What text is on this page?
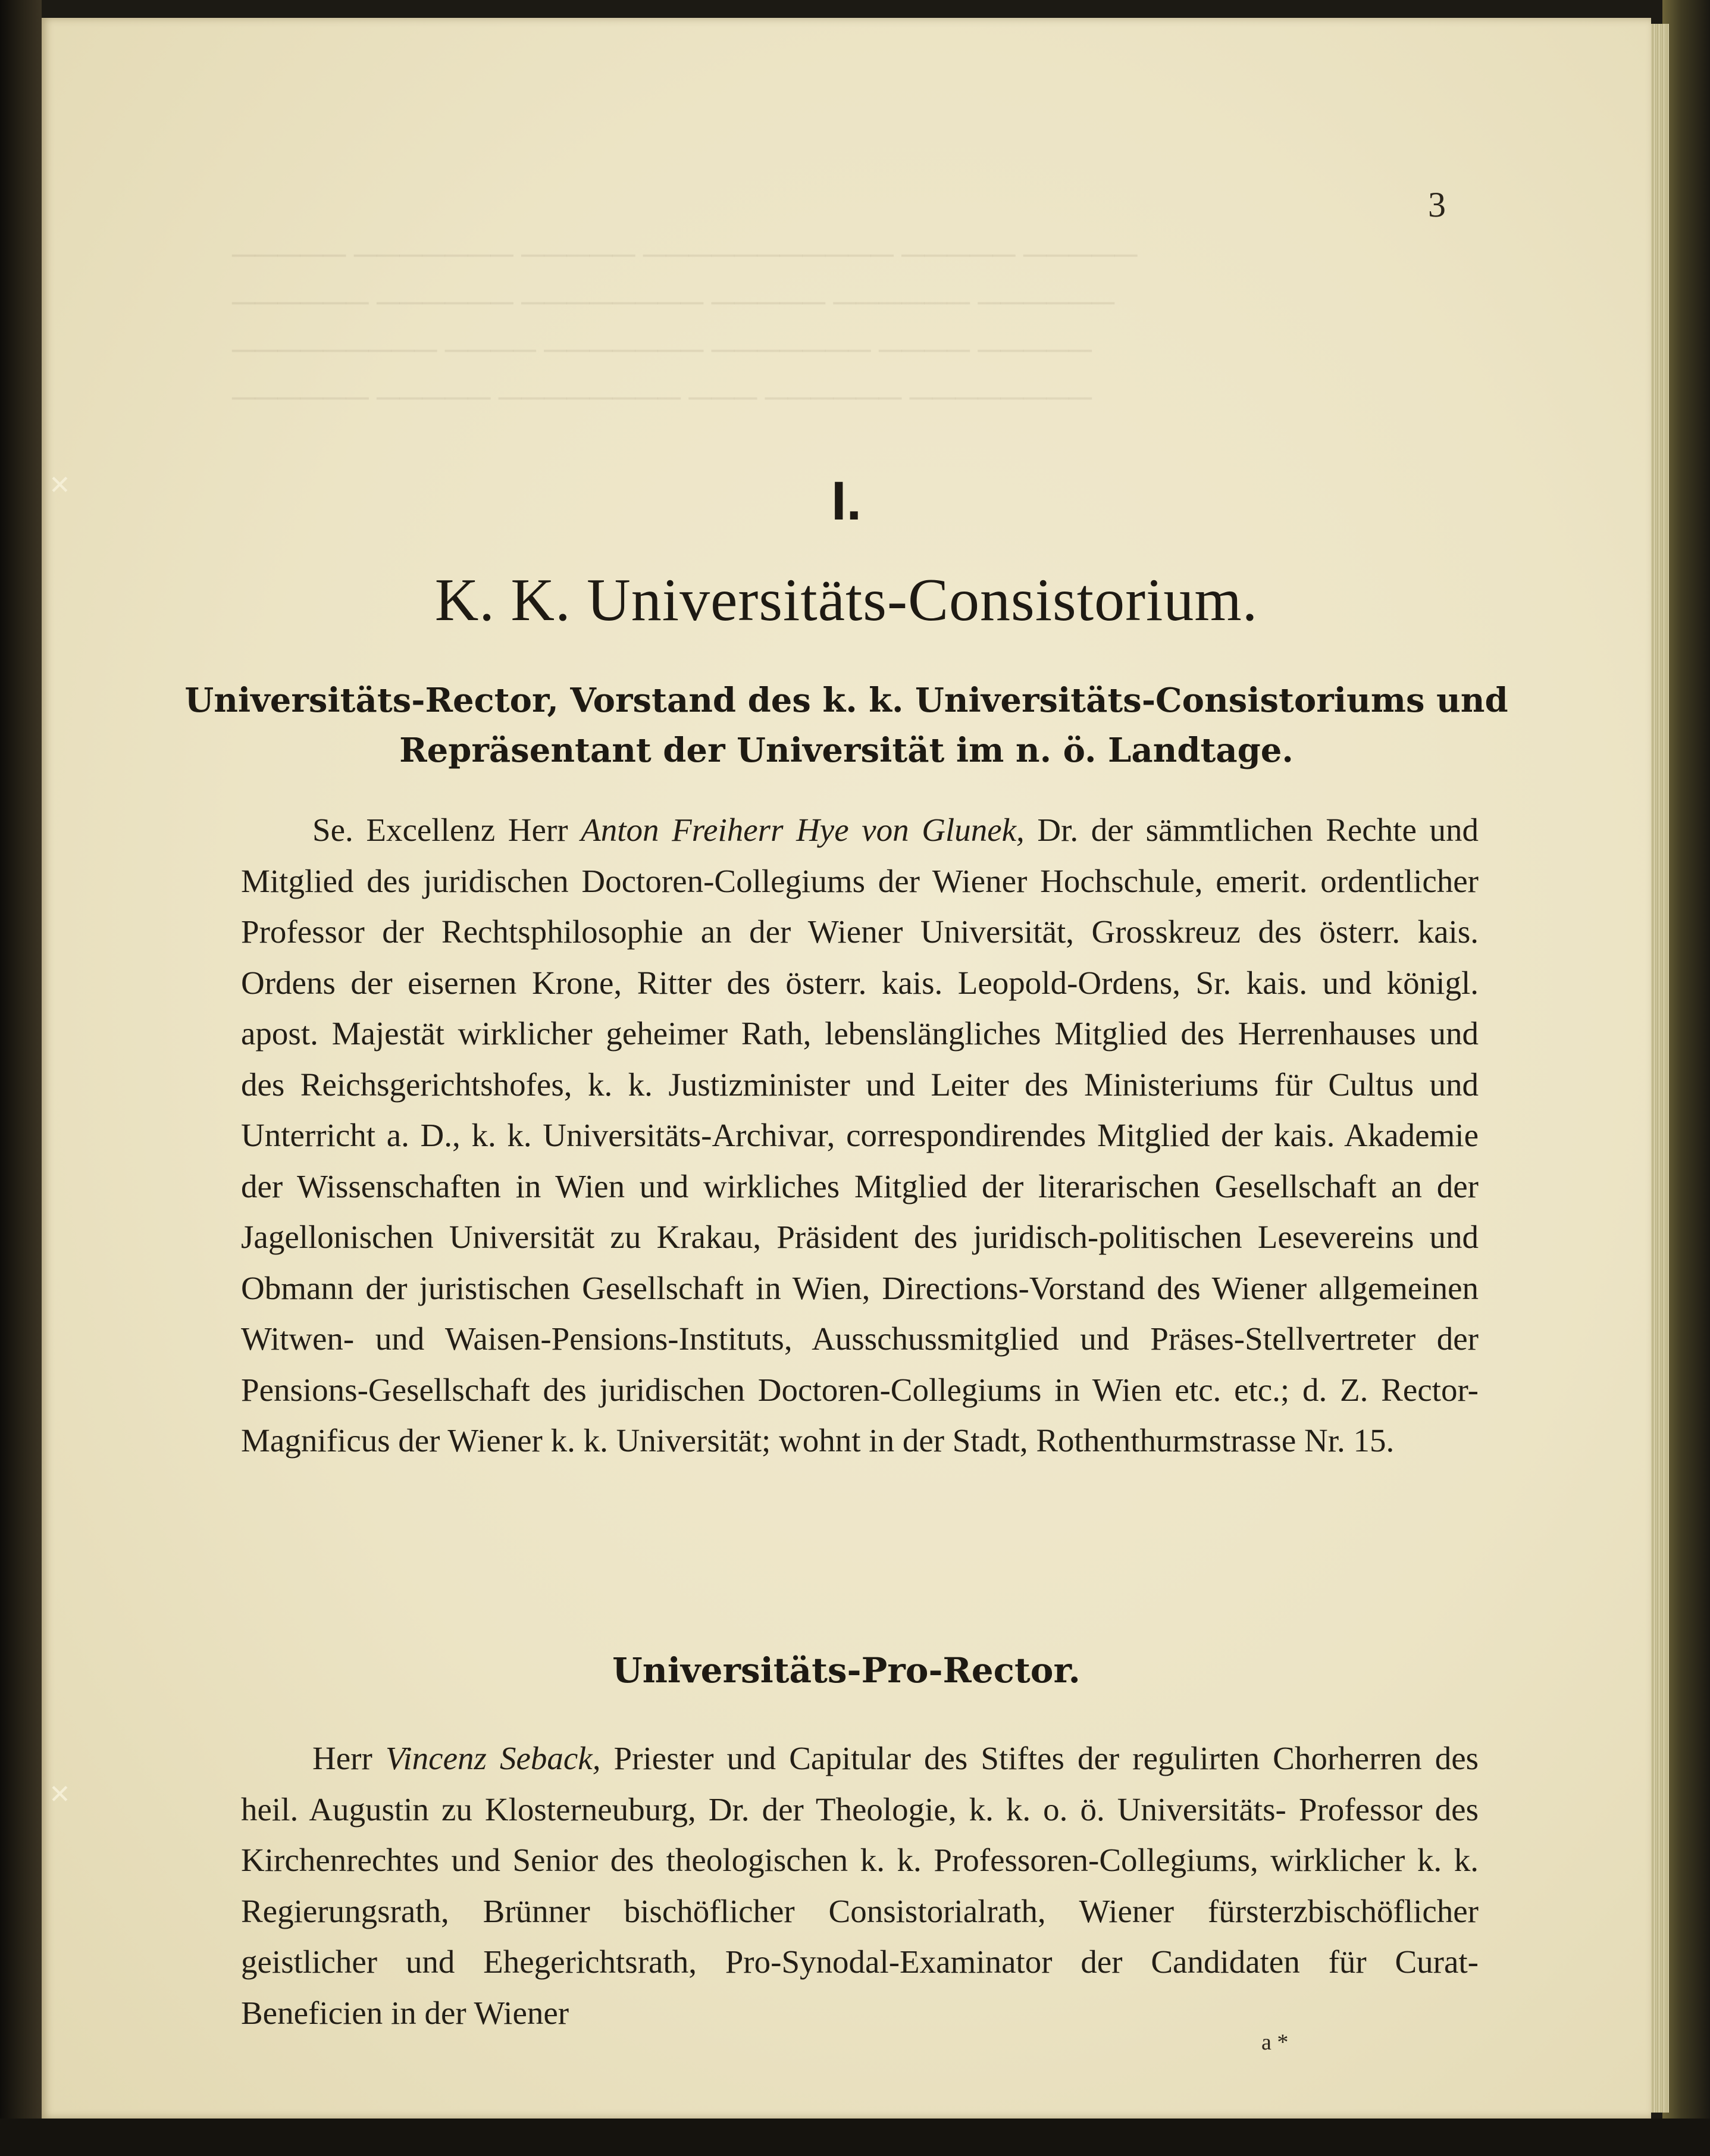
───── ───── ─────────── ───── ─────── ─────
────── ────── ───── ──────── ────── ──────
───── ──── ─────── ─────── ──── ─────────
──────── ────── ─── ──────── ───── ──────
3
I.
K. K. Universitäts-Consistorium.
Universitäts-Rector, Vorstand des k. k. Universitäts-Consistoriums und
Repräsentant der Universität im n. ö. Landtage.

Se. Excellenz Herr Anton Freiherr Hye von Glunek, Dr. der sämmtlichen Rechte und Mitglied des juridischen Doctoren-Collegiums der Wiener Hochschule, emerit. ordentlicher Professor der Rechtsphilosophie an der Wiener Universität, Grosskreuz des österr. kais. Ordens der eisernen Krone, Ritter des österr. kais. Leopold-Ordens, Sr. kais. und königl. apost. Majestät wirklicher geheimer Rath, lebenslängliches Mitglied des Herrenhauses und des Reichsgerichtshofes, k. k. Justizminister und Leiter des Ministeriums für Cultus und Unterricht a. D., k. k. Universitäts-Archivar, correspondirendes Mitglied der kais. Akademie der Wissenschaften in Wien und wirkliches Mitglied der literarischen Gesellschaft an der Jagellonischen Universität zu Krakau, Präsident des juridisch-politischen Lesevereins und Obmann der juristischen Gesellschaft in Wien, Directions-Vorstand des Wiener allgemeinen Witwen- und Waisen-Pensions-Instituts, Ausschussmitglied und Präses-Stellvertreter der Pensions-Gesellschaft des juridischen Doctoren-Collegiums in Wien etc. etc.; d. Z. Rector-Magnificus der Wiener k. k. Universität; wohnt in der Stadt, Rothenthurmstrasse Nr. 15.

Universitäts-Pro-Rector.

Herr Vincenz Seback, Priester und Capitular des Stiftes der regulirten Chorherren des heil. Augustin zu Klosterneuburg, Dr. der Theologie, k. k. o. ö. Universitäts- Professor des Kirchenrechtes und Senior des theologischen k. k. Professoren-Collegiums, wirklicher k. k. Regierungsrath, Brünner bischöflicher Consistorialrath, Wiener fürsterzbischöflicher geistlicher und Ehegerichtsrath, Pro-Synodal-Examinator der Candidaten für Curat-Beneficien in der Wiener

a *
✕
✕
